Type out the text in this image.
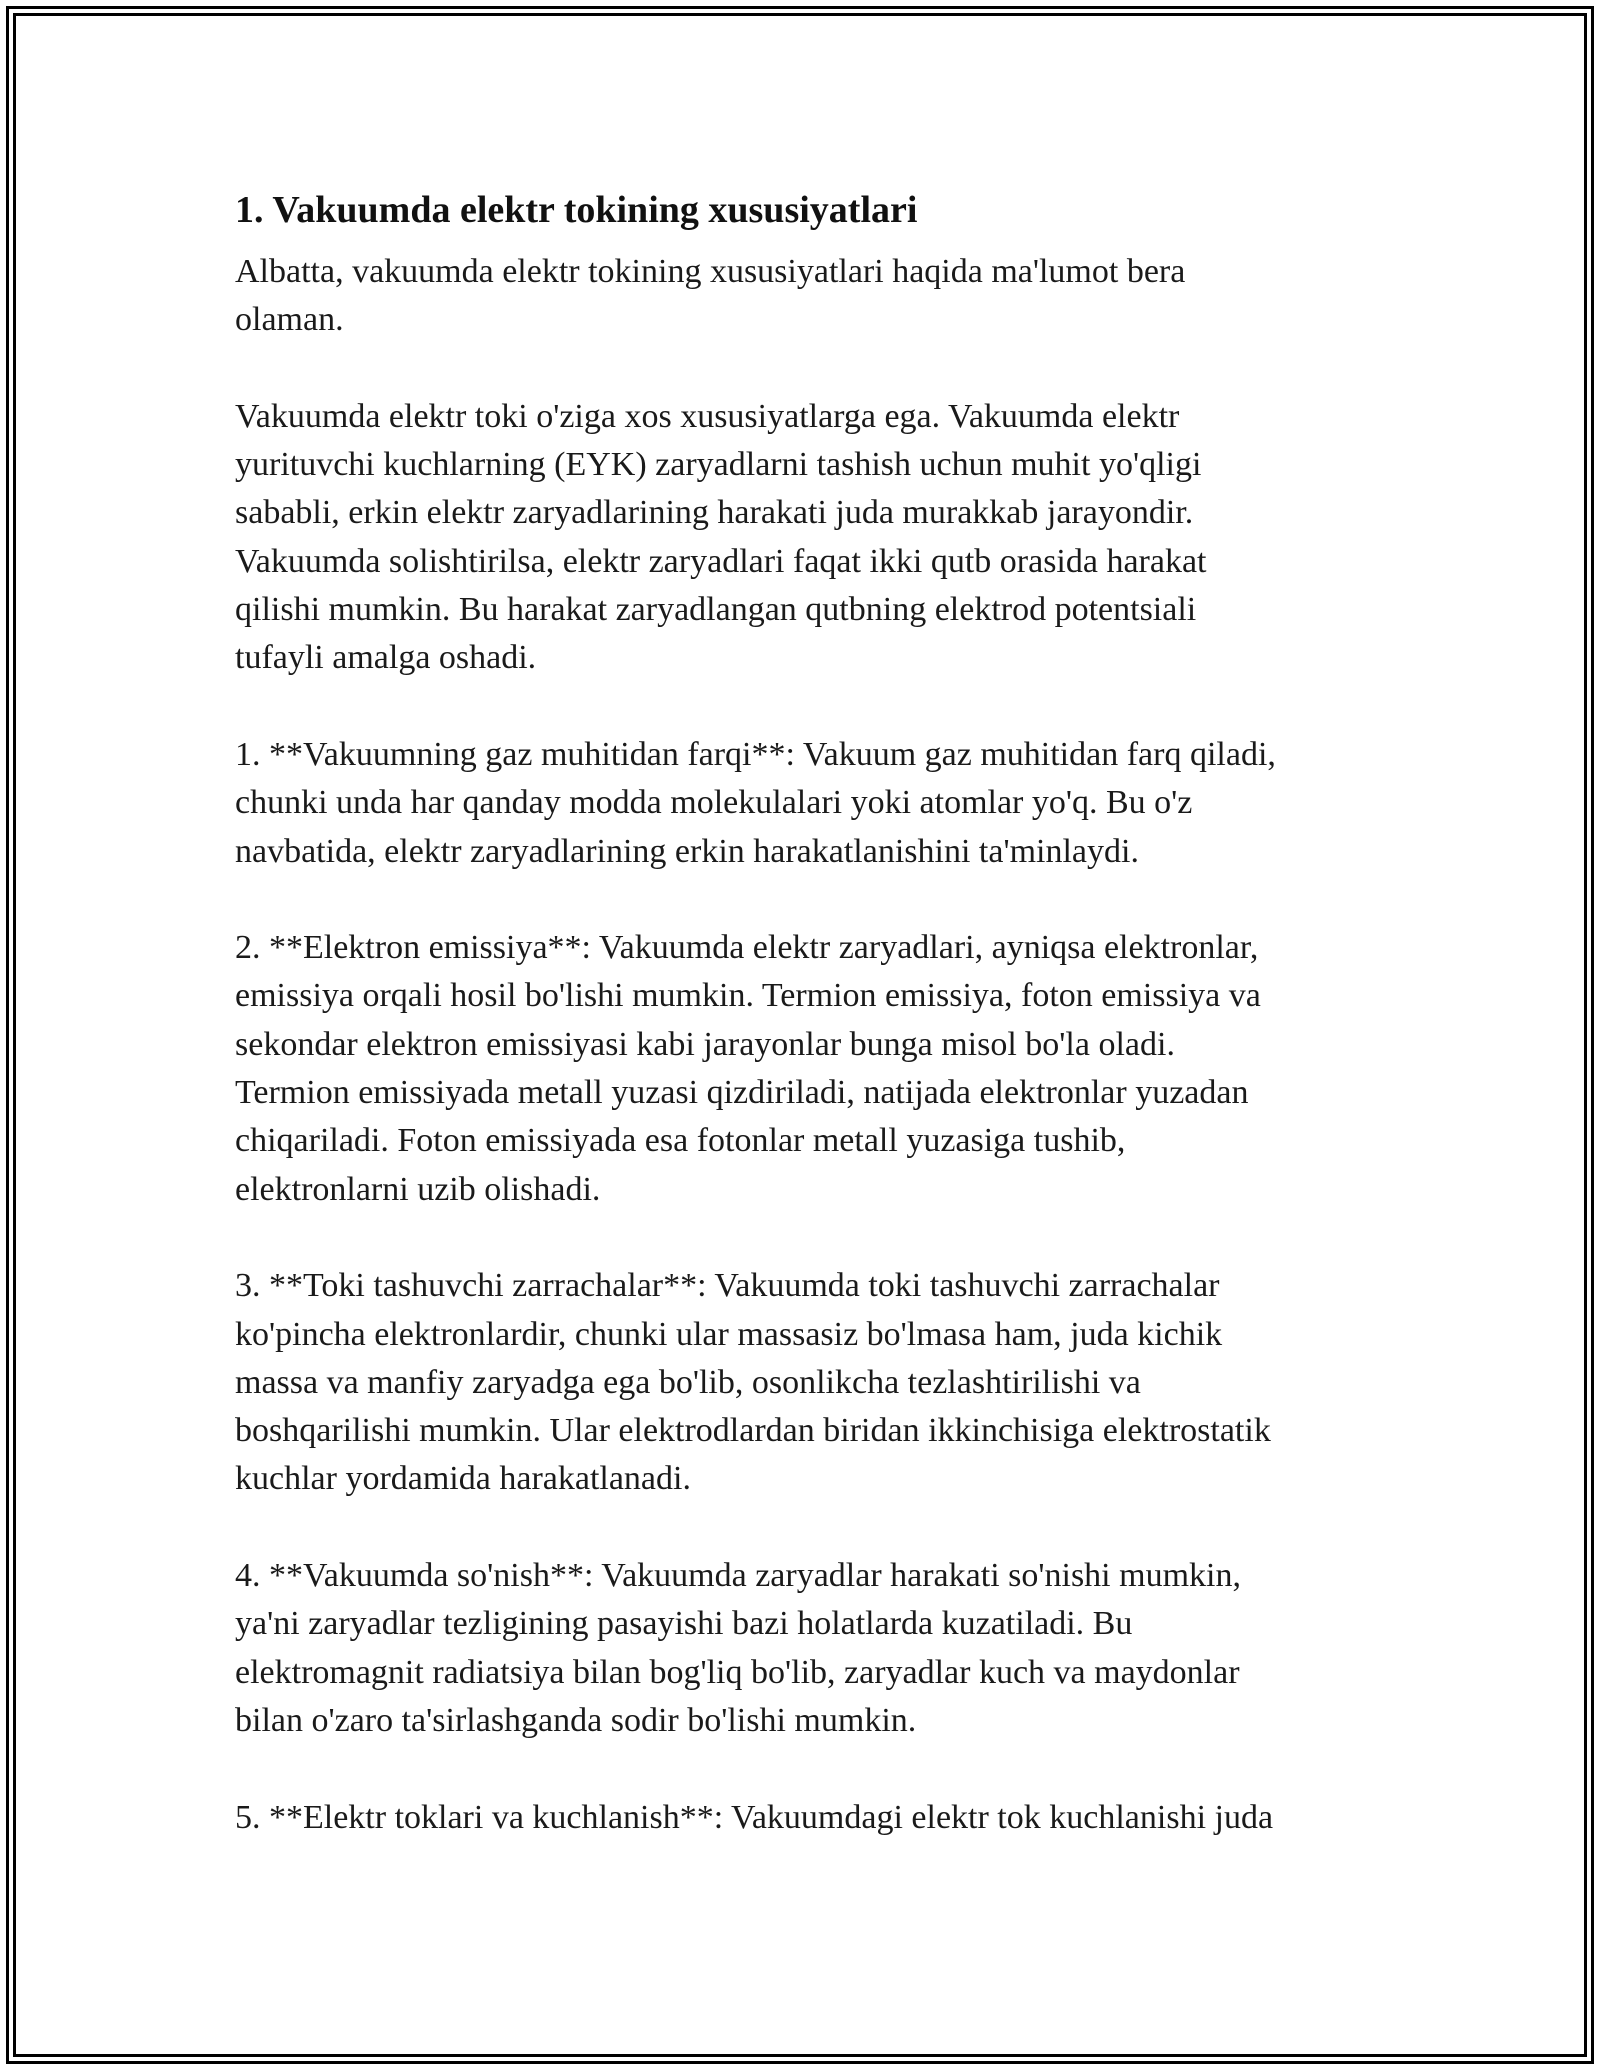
1. Vakuumda elektr tokining xususiyatlari

Albatta, vakuumda elektr tokining xususiyatlari haqida ma'lumot bera
olaman.

Vakuumda elektr toki o'ziga xos xususiyatlarga ega. Vakuumda elektr
yurituvchi kuchlarning (EYK) zaryadlarni tashish uchun muhit yo'qligi
sababli, erkin elektr zaryadlarining harakati juda murakkab jarayondir.
Vakuumda solishtirilsa, elektr zaryadlari faqat ikki qutb orasida harakat
qilishi mumkin. Bu harakat zaryadlangan qutbning elektrod potentsiali
tufayli amalga oshadi.

1. **Vakuumning gaz muhitidan farqi**: Vakuum gaz muhitidan farq qiladi,
chunki unda har qanday modda molekulalari yoki atomlar yo'q. Bu o'z
navbatida, elektr zaryadlarining erkin harakatlanishini ta'minlaydi.

2. **Elektron emissiya**: Vakuumda elektr zaryadlari, ayniqsa elektronlar,
emissiya orqali hosil bo'lishi mumkin. Termion emissiya, foton emissiya va
sekondar elektron emissiyasi kabi jarayonlar bunga misol bo'la oladi.
Termion emissiyada metall yuzasi qizdiriladi, natijada elektronlar yuzadan
chiqariladi. Foton emissiyada esa fotonlar metall yuzasiga tushib,
elektronlarni uzib olishadi.

3. **Toki tashuvchi zarrachalar**: Vakuumda toki tashuvchi zarrachalar
ko'pincha elektronlardir, chunki ular massasiz bo'lmasa ham, juda kichik
massa va manfiy zaryadga ega bo'lib, osonlikcha tezlashtirilishi va
boshqarilishi mumkin. Ular elektrodlardan biridan ikkinchisiga elektrostatik
kuchlar yordamida harakatlanadi.

4. **Vakuumda so'nish**: Vakuumda zaryadlar harakati so'nishi mumkin,
ya'ni zaryadlar tezligining pasayishi bazi holatlarda kuzatiladi. Bu
elektromagnit radiatsiya bilan bog'liq bo'lib, zaryadlar kuch va maydonlar
bilan o'zaro ta'sirlashganda sodir bo'lishi mumkin.

5. **Elektr toklari va kuchlanish**: Vakuumdagi elektr tok kuchlanishi juda
